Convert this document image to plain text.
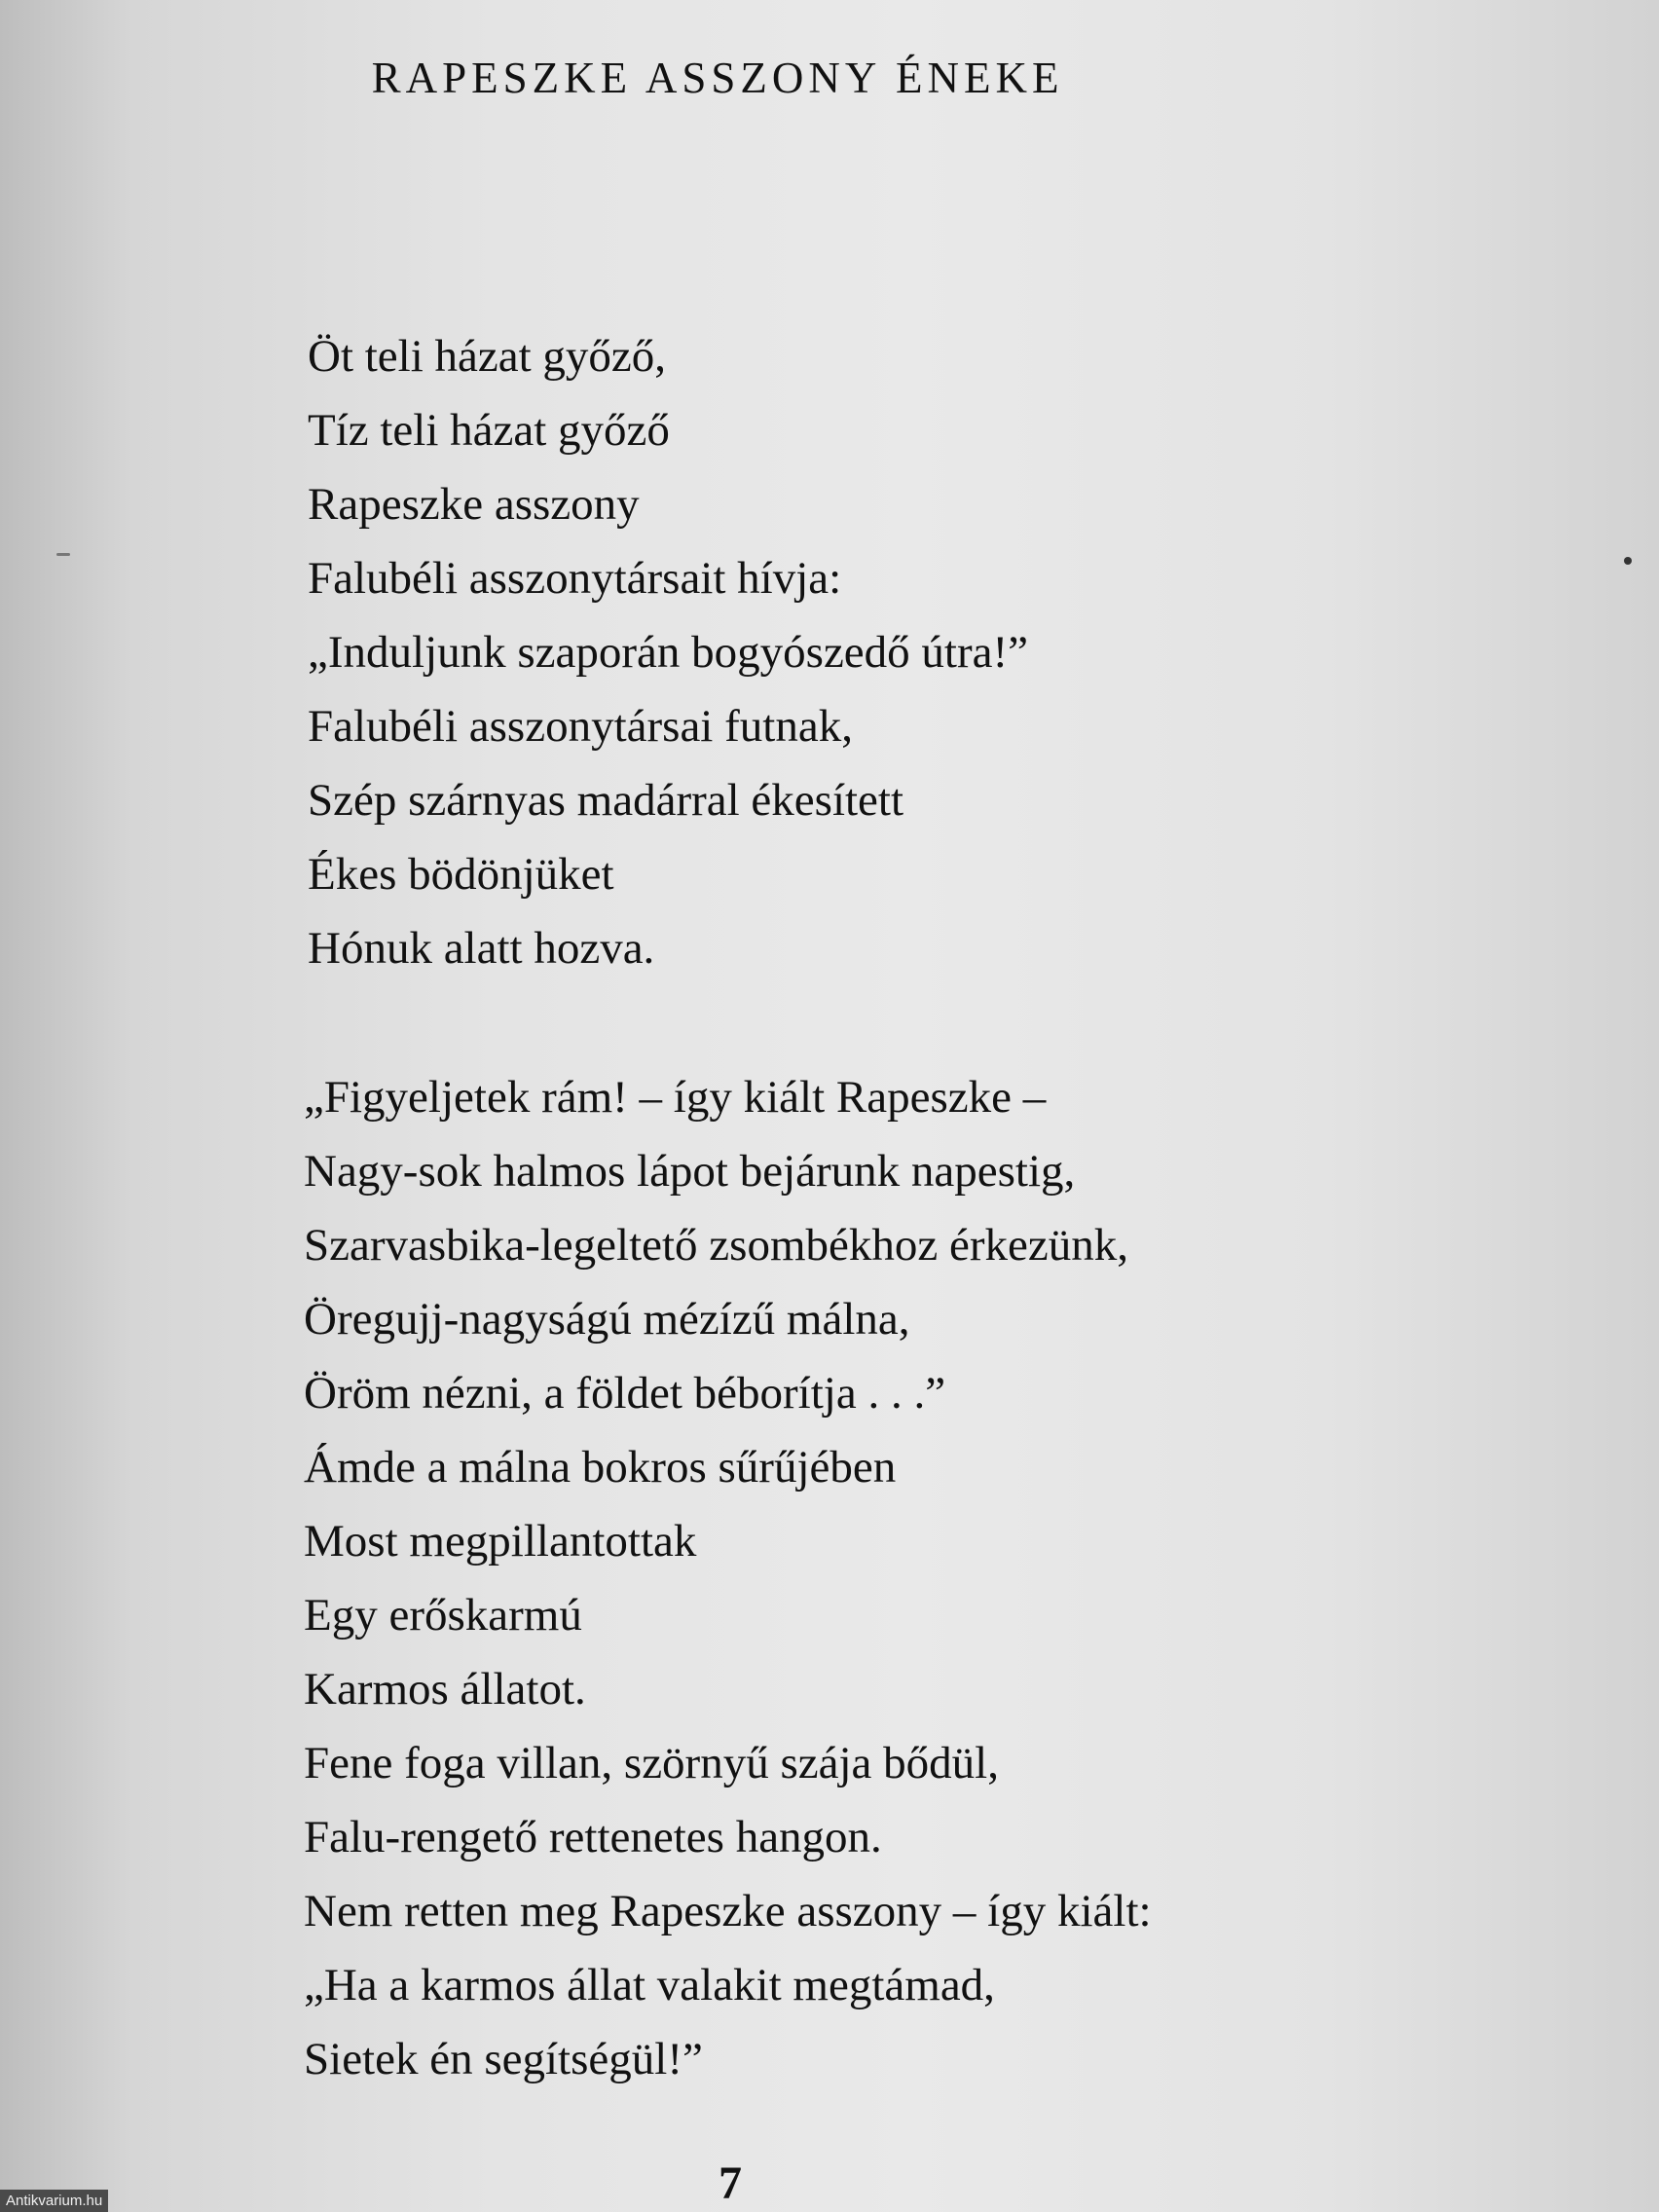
RAPESZKE ASSZONY ÉNEKE
Öt teli házat győző,
Tíz teli házat győző
Rapeszke asszony
Falubéli asszonytársait hívja:
„Induljunk szaporán bogyószedő útra!”
Falubéli asszonytársai futnak,
Szép szárnyas madárral ékesített
Ékes bödönjüket
Hónuk alatt hozva.
„Figyeljetek rám! – így kiált Rapeszke –
Nagy-sok halmos lápot bejárunk napestig,
Szarvasbika-legeltető zsombékhoz érkezünk,
Öregujj-nagyságú mézízű málna,
Öröm nézni, a földet béborítja . . .”
Ámde a málna bokros sűrűjében
Most megpillantottak
Egy erőskarmú
Karmos állatot.
Fene foga villan, szörnyű szája bődül,
Falu-rengető rettenetes hangon.
Nem retten meg Rapeszke asszony – így kiált:
„Ha a karmos állat valakit megtámad,
Sietek én segítségül!”
7
Antikvarium.hu
